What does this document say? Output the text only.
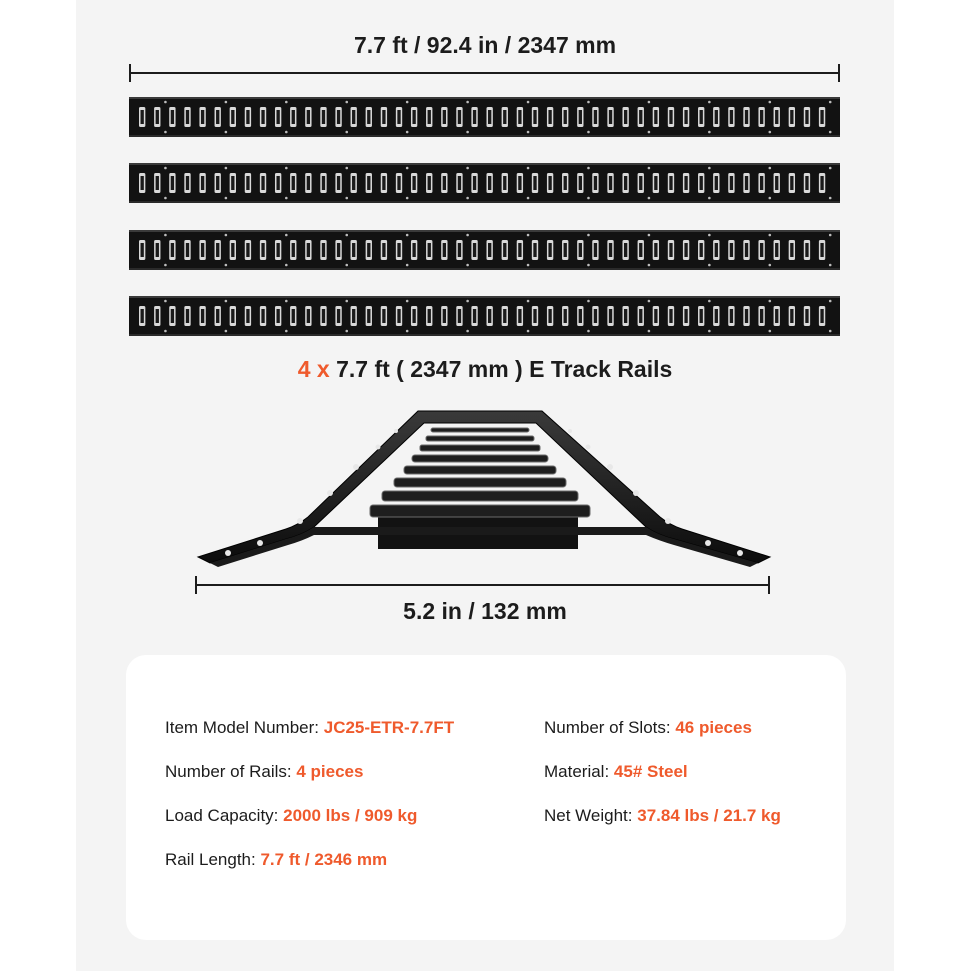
7.7 ft / 92.4 in / 2347 mm
4 x 7.7 ft ( 2347 mm ) E Track Rails
5.2 in / 132 mm
Item Model Number: JC25-ETR-7.7FT
Number of Rails: 4 pieces
Load Capacity: 2000 lbs / 909 kg
Rail Length: 7.7 ft / 2346 mm
Number of Slots: 46 pieces
Material: 45# Steel
Net Weight: 37.84 lbs / 21.7 kg
